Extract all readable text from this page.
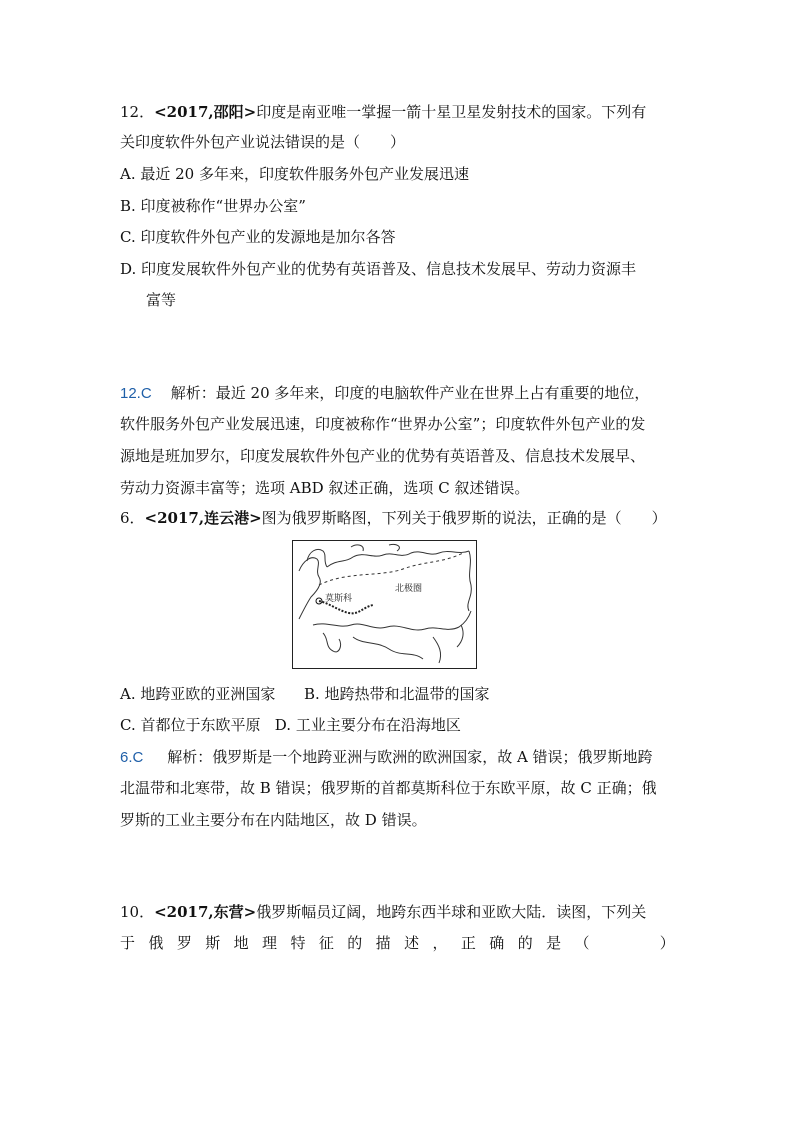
12．<2017,邵阳>印度是南亚唯一掌握一箭十星卫星发射技术的国家。下列有
关印度软件外包产业说法错误的是（　　）
A. 最近 20 多年来，印度软件服务外包产业发展迅速
B. 印度被称作“世界办公室”
C. 印度软件外包产业的发源地是加尔各答
D. 印度发展软件外包产业的优势有英语普及、信息技术发展早、劳动力资源丰
富等
12.C 解析：最近 20 多年来，印度的电脑软件产业在世界上占有重要的地位，
软件服务外包产业发展迅速，印度被称作“世界办公室”；印度软件外包产业的发
源地是班加罗尔，印度发展软件外包产业的优势有英语普及、信息技术发展早、
劳动力资源丰富等；选项 ABD 叙述正确，选项 C 叙述错误。
6．<2017,连云港>图为俄罗斯略图，下列关于俄罗斯的说法，正确的是（　　）
莫斯科
北极圈
A. 地跨亚欧的亚洲国家 B. 地跨热带和北温带的国家
C. 首都位于东欧平原 D. 工业主要分布在沿海地区
6.C 解析：俄罗斯是一个地跨亚洲与欧洲的欧洲国家，故 A 错误；俄罗斯地跨
北温带和北寒带，故 B 错误；俄罗斯的首都莫斯科位于东欧平原，故 C 正确；俄
罗斯的工业主要分布在内陆地区，故 D 错误。
10．<2017,东营>俄罗斯幅员辽阔，地跨东西半球和亚欧大陆．读图，下列关
于 俄 罗 斯 地 理 特 征 的 描 述 ， 正 确 的 是 （

　	）
